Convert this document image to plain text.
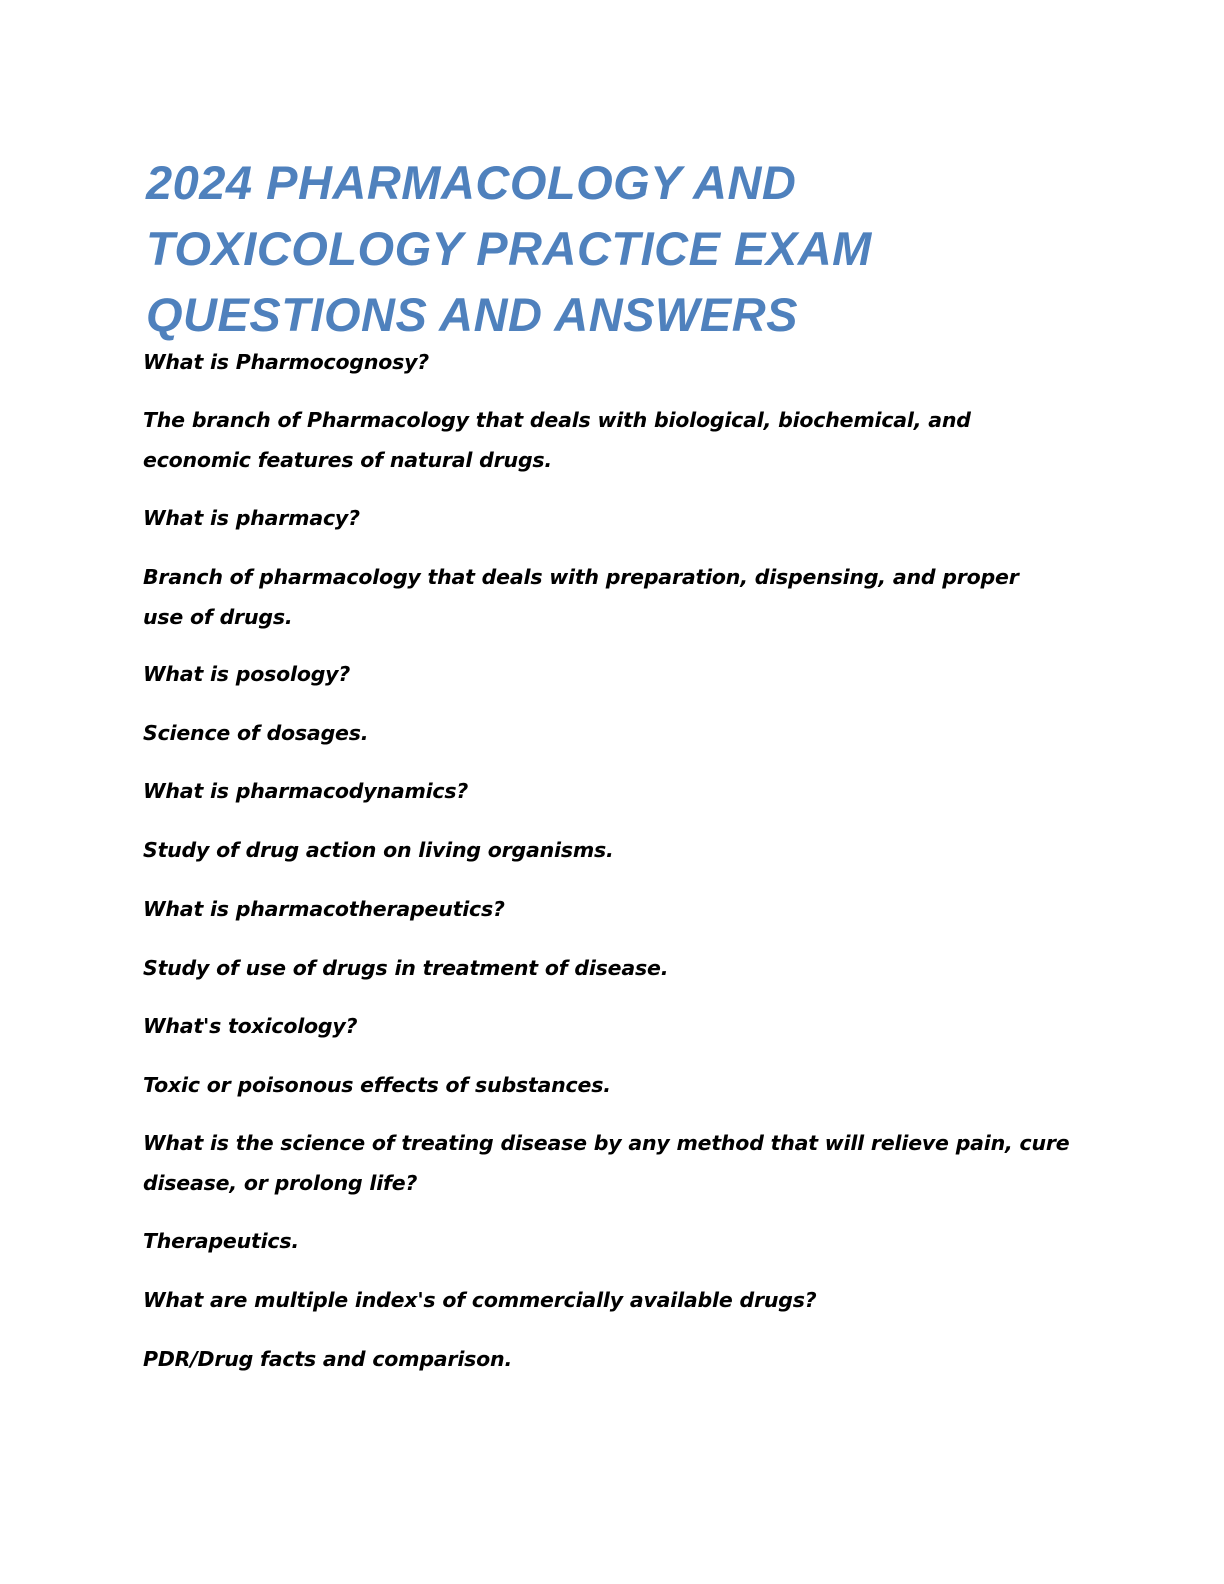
2024 PHARMACOLOGY AND TOXICOLOGY PRACTICE EXAM QUESTIONS AND ANSWERS

What is Pharmocognosy?

The branch of Pharmacology that deals with biological, biochemical, and economic features of natural drugs.

What is pharmacy?

Branch of pharmacology that deals with preparation, dispensing, and proper use of drugs.

What is posology?

Science of dosages.

What is pharmacodynamics?

Study of drug action on living organisms.

What is pharmacotherapeutics?

Study of use of drugs in treatment of disease.

What's toxicology?

Toxic or poisonous effects of substances.

What is the science of treating disease by any method that will relieve pain, cure disease, or prolong life?

Therapeutics.

What are multiple index's of commercially available drugs?

PDR/Drug facts and comparison.
